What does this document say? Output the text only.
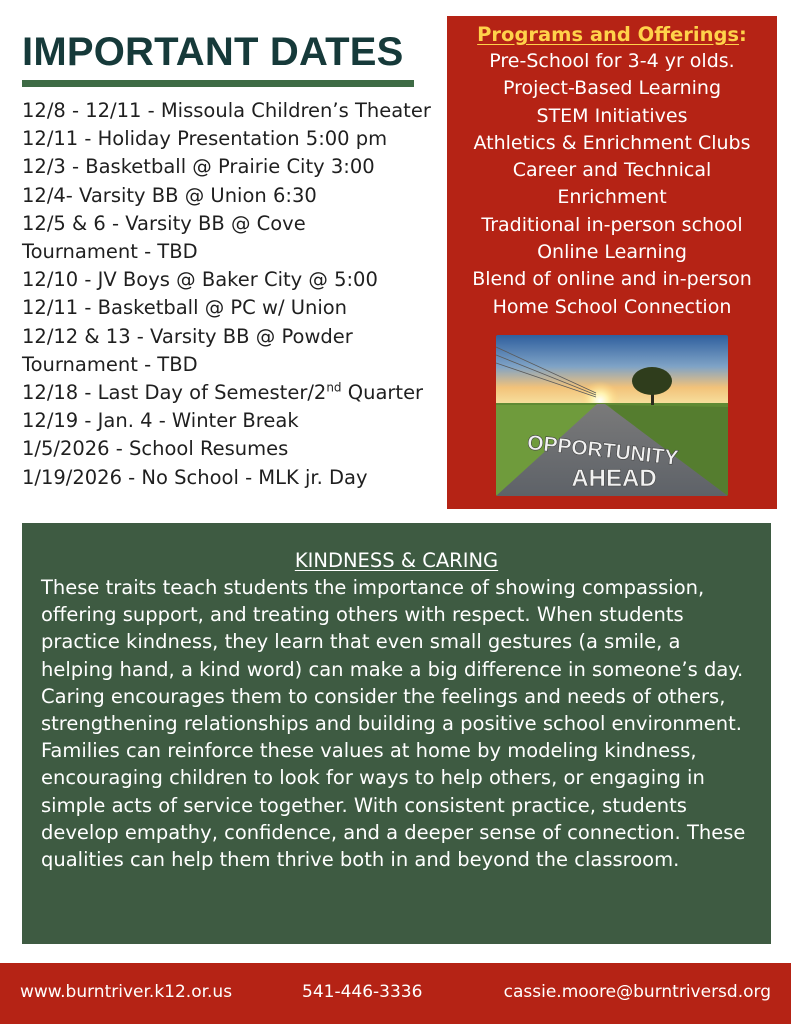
IMPORTANT DATES
12/8 - 12/11 - Missoula Children’s Theater
12/11 - Holiday Presentation 5:00 pm
12/3 - Basketball @ Prairie City 3:00
12/4- Varsity BB @ Union 6:30
12/5 & 6 - Varsity BB @ Cove
Tournament - TBD
12/10 - JV Boys @ Baker City @ 5:00
12/11 - Basketball @ PC w/ Union
12/12 & 13 - Varsity BB @ Powder
Tournament - TBD
12/18 - Last Day of Semester/2nd Quarter
12/19 - Jan. 4 - Winter Break
1/5/2026 - School Resumes
1/19/2026 - No School - MLK jr. Day
Programs and Offerings:
Pre-School for 3-4 yr olds.
Project-Based Learning
STEM Initiatives
Athletics & Enrichment Clubs
Career and Technical Enrichment
Traditional in-person school
Online Learning
Blend of online and in-person
Home School Connection
OPPORTUNITY
AHEAD
KINDNESS & CARING

These traits teach students the importance of showing compassion, offering support, and treating others with respect. When students practice kindness, they learn that even small gestures (a smile, a helping hand, a kind word) can make a big difference in someone’s day. Caring encourages them to consider the feelings and needs of others, strengthening relationships and building a positive school environment. Families can reinforce these values at home by modeling kindness, encouraging children to look for ways to help others, or engaging in simple acts of service together. With consistent practice, students develop empathy, confidence, and a deeper sense of connection. These qualities can help them thrive both in and beyond the classroom.

www.burntriver.k12.or.us	541-446-3336	cassie.moore@burntriversd.org
